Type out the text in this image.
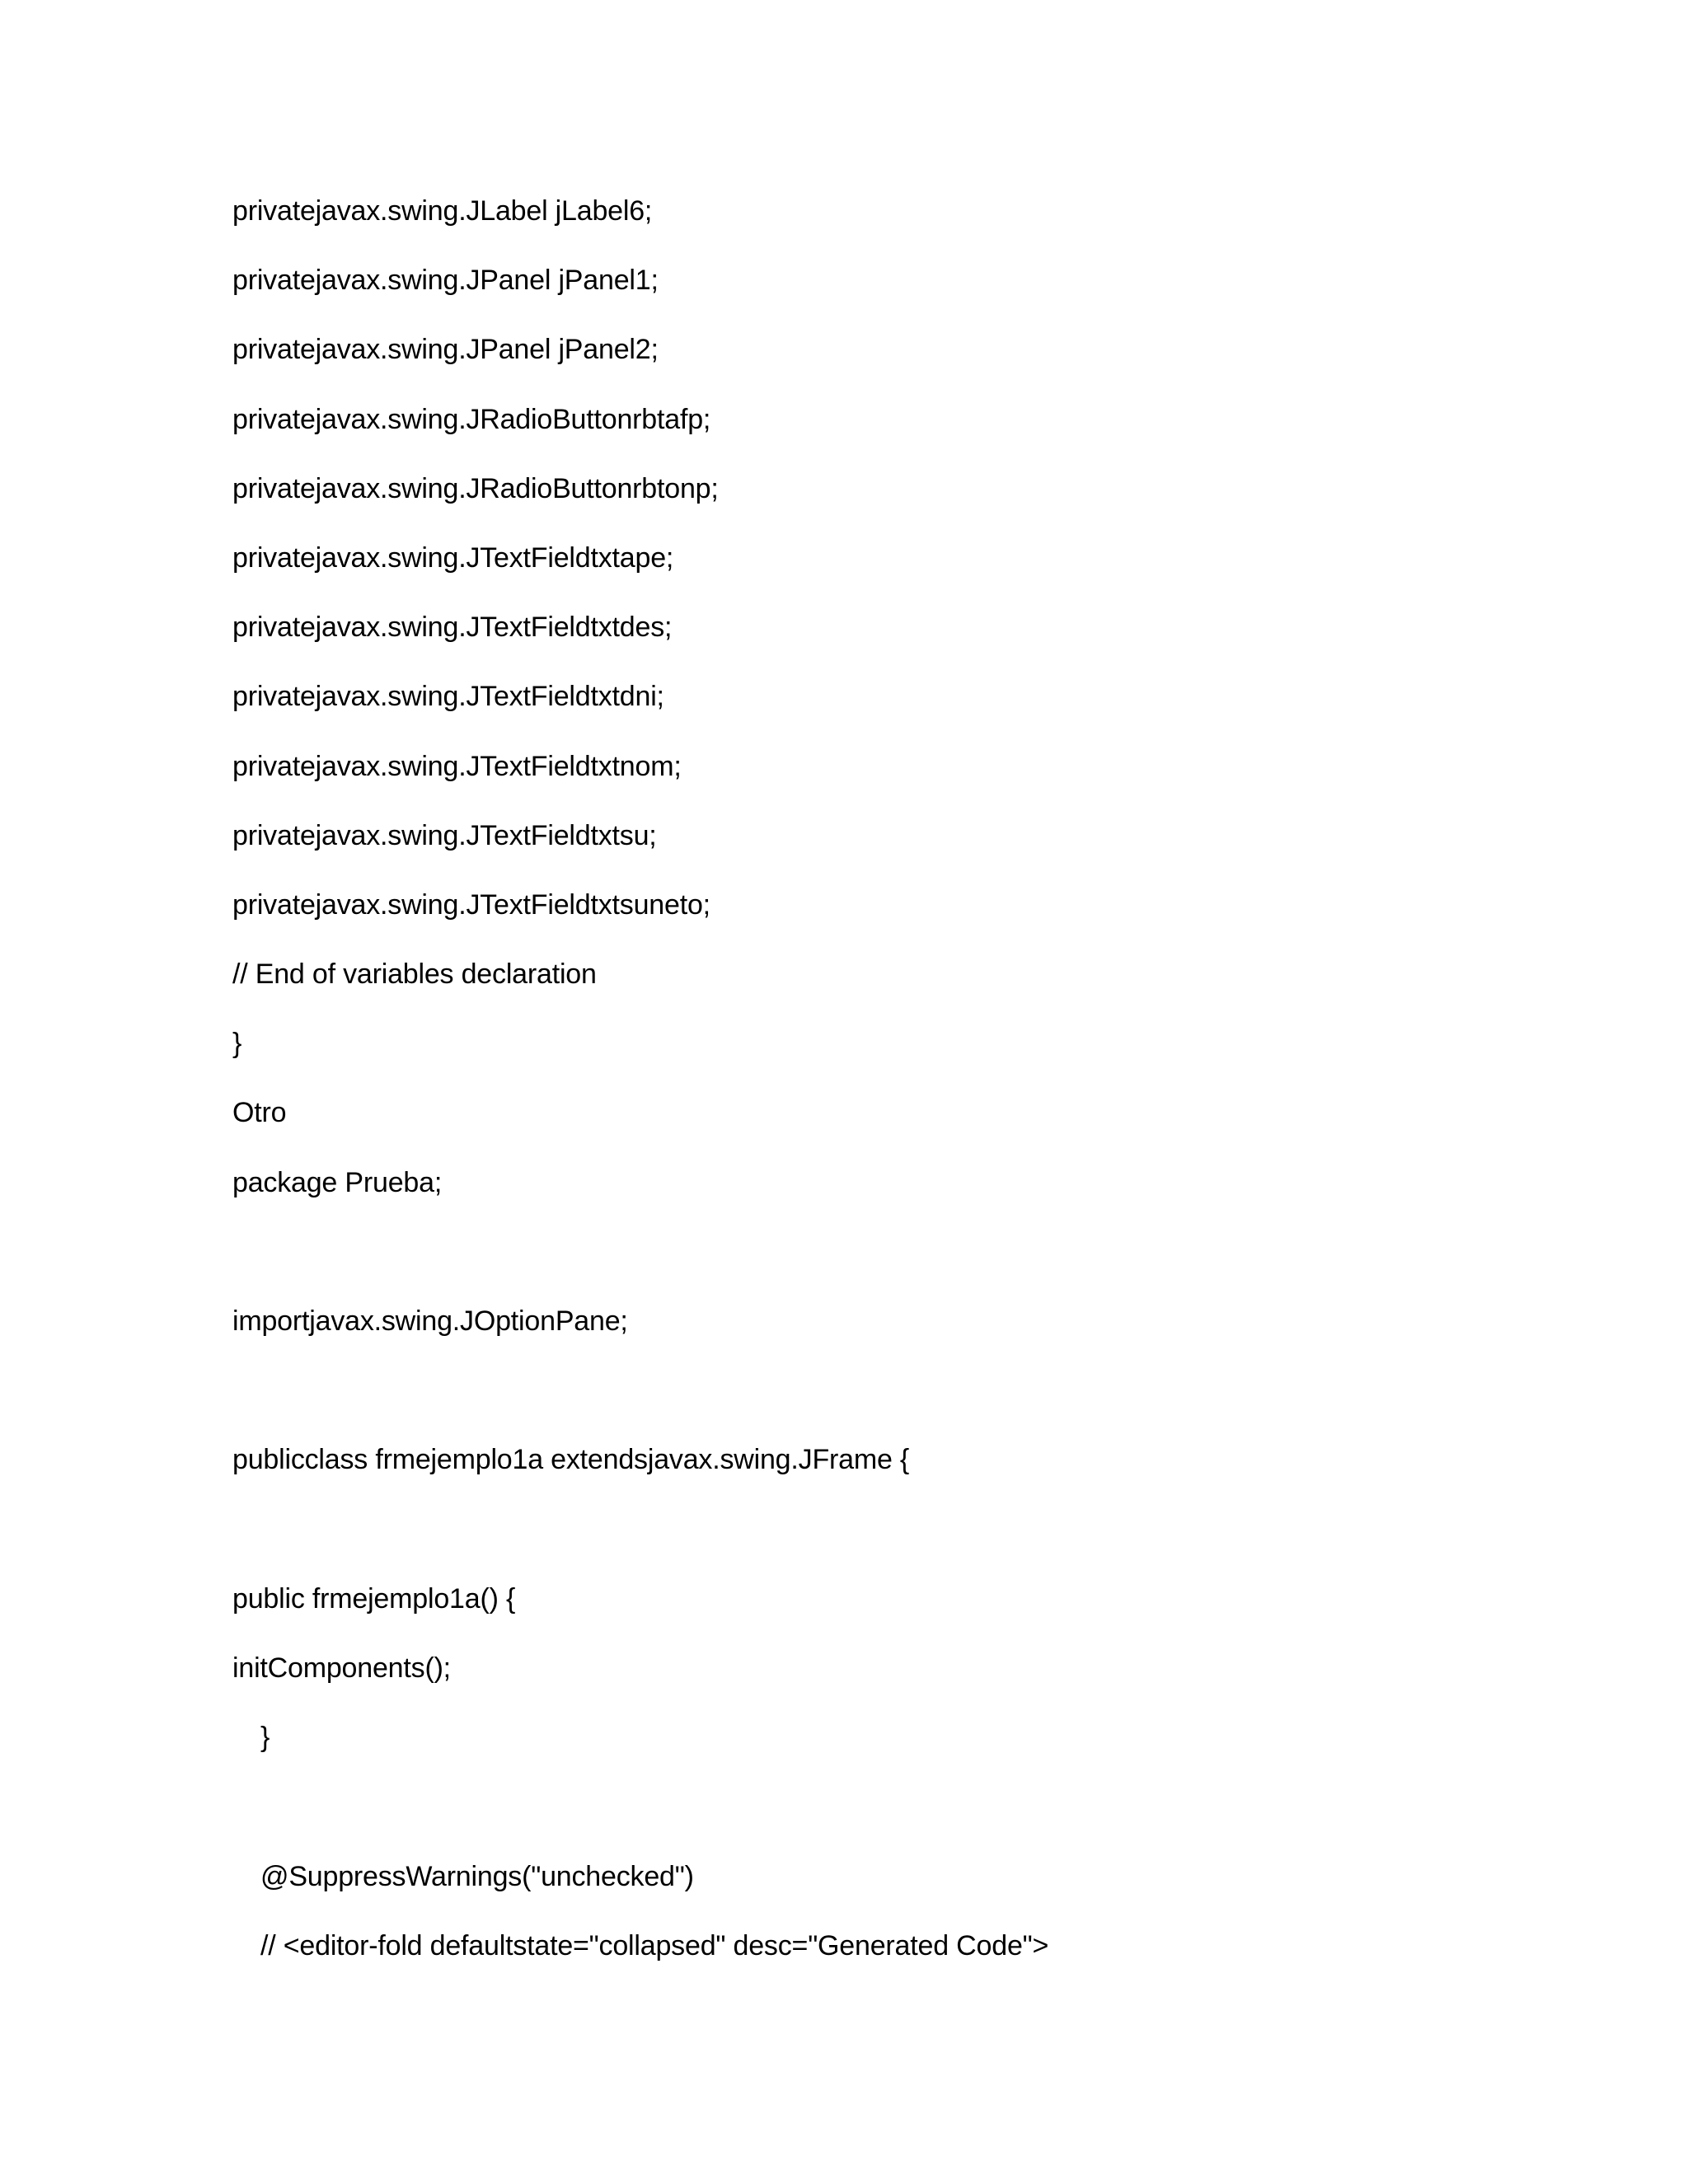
privatejavax.swing.JLabel jLabel6;
privatejavax.swing.JPanel jPanel1;
privatejavax.swing.JPanel jPanel2;
privatejavax.swing.JRadioButtonrbtafp;
privatejavax.swing.JRadioButtonrbtonp;
privatejavax.swing.JTextFieldtxtape;
privatejavax.swing.JTextFieldtxtdes;
privatejavax.swing.JTextFieldtxtdni;
privatejavax.swing.JTextFieldtxtnom;
privatejavax.swing.JTextFieldtxtsu;
privatejavax.swing.JTextFieldtxtsuneto;
// End of variables declaration
}
Otro
package Prueba;
importjavax.swing.JOptionPane;
publicclass frmejemplo1a extendsjavax.swing.JFrame {
public frmejemplo1a() {
initComponents();
}
@SuppressWarnings("unchecked")
// <editor-fold defaultstate="collapsed" desc="Generated Code">
